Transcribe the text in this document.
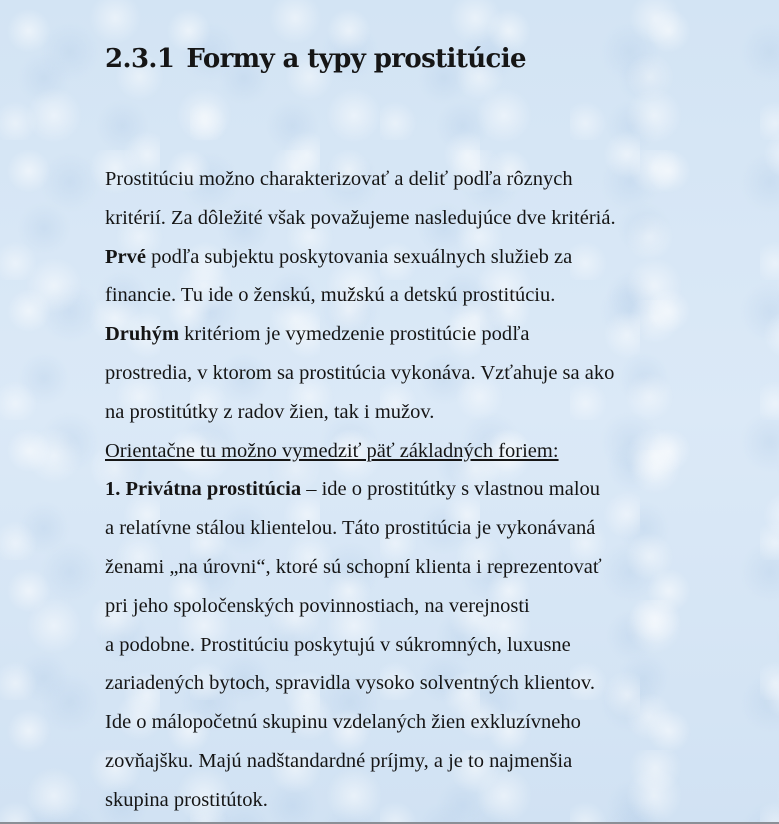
2.3.1 Formy a typy prostitúcie
Prostitúciu možno charakterizovať a deliť podľa rôznych
kritérií. Za dôležité však považujeme nasledujúce dve kritériá.
Prvé podľa subjektu poskytovania sexuálnych služieb za
financie. Tu ide o ženskú, mužskú a detskú prostitúciu.
Druhým kritériom je vymedzenie prostitúcie podľa
prostredia, v ktorom sa prostitúcia vykonáva. Vzťahuje sa ako
na prostitútky z radov žien, tak i mužov.
Orientačne tu možno vymedziť päť základných foriem:
1. Privátna prostitúcia – ide o prostitútky s vlastnou malou
a relatívne stálou klientelou. Táto prostitúcia je vykonávaná
ženami „na úrovni“, ktoré sú schopní klienta i reprezentovať
pri jeho spoločenských povinnostiach, na verejnosti
a podobne. Prostitúciu poskytujú v súkromných, luxusne
zariadených bytoch, spravidla vysoko solventných klientov.
Ide o málopočetnú skupinu vzdelaných žien exkluzívneho
zovňajšku. Majú nadštandardné príjmy, a je to najmenšia
skupina prostitútok.
